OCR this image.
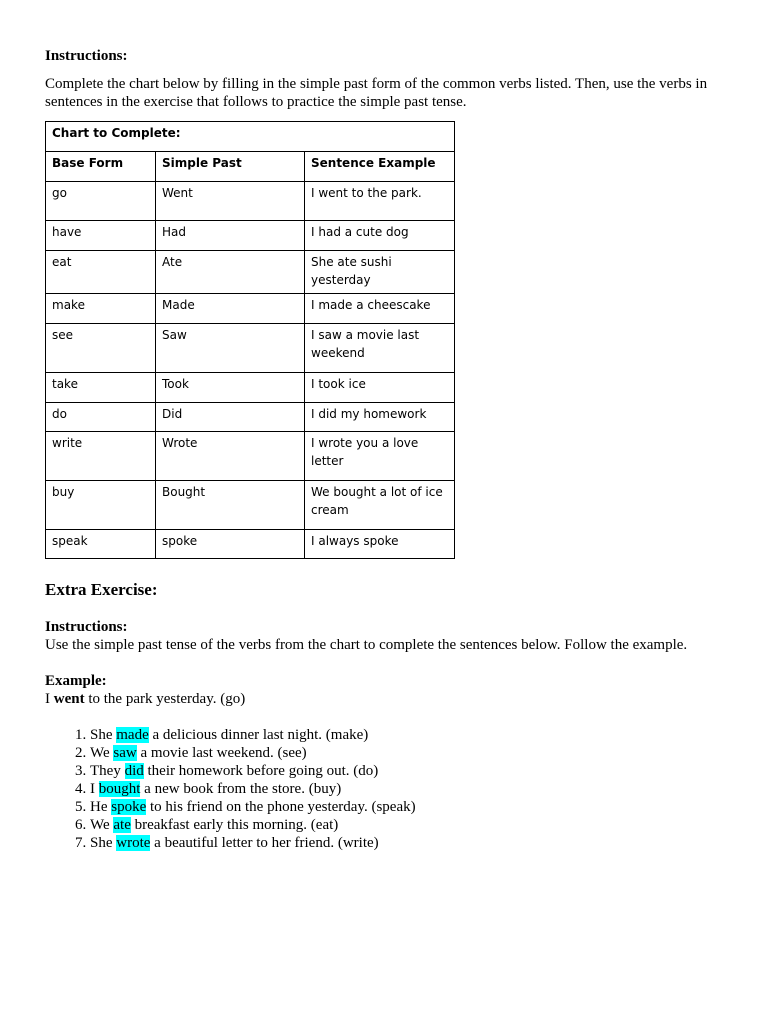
Instructions:
Complete the chart below by filling in the simple past form of the common verbs listed. Then, use the verbs in sentences in the exercise that follows to practice the simple past tense.
Chart to Complete:		
Base Form	Simple Past	Sentence Example
go	Went	I went to the park.
have	Had	I had a cute dog
eat	Ate	She ate sushi yesterday
make	Made	I made a cheescake
see	Saw	I saw a movie last weekend
take	Took	I took ice
do	Did	I did my homework
write	Wrote	I wrote you a love letter
buy	Bought	We bought a lot of ice cream
speak	spoke	I always spoke
Extra Exercise:
Instructions:
Use the simple past tense of the verbs from the chart to complete the sentences below. Follow the example.
Example:
I went to the park yesterday. (go)
1. She made a delicious dinner last night. (make)
2. We saw a movie last weekend. (see)
3. They did their homework before going out. (do)
4. I bought a new book from the store. (buy)
5. He spoke to his friend on the phone yesterday. (speak)
6. We ate breakfast early this morning. (eat)
7. She wrote a beautiful letter to her friend. (write)
